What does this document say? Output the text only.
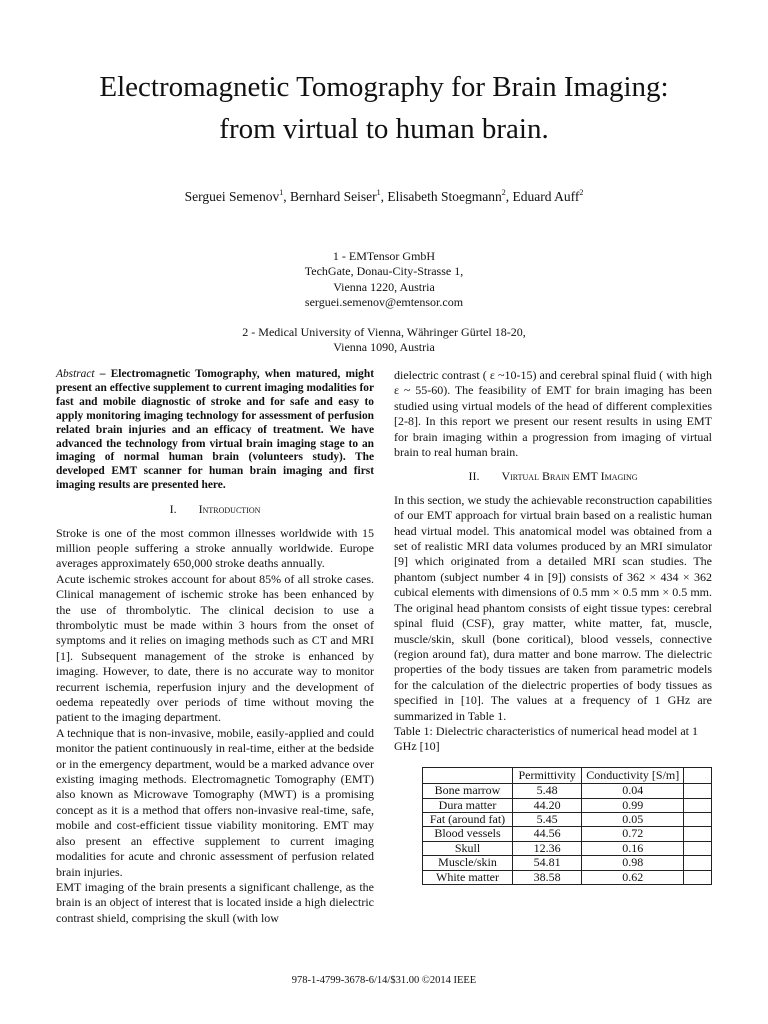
Electromagnetic Tomography for Brain Imaging:
from virtual to human brain.
Serguei Semenov$^1$, Bernhard Seiser$^1$, Elisabeth Stoegmann$^2$, Eduard Auff$^2$
1 - EMTensor GmbH
TechGate, Donau-City-Strasse 1,
Vienna 1220, Austria
serguei.semenov@emtensor.com
2 - Medical University of Vienna, Währinger Gürtel 18-20,
Vienna 1090, Austria

Abstract – Electromagnetic Tomography, when matured, might present an effective supplement to current imaging modalities for fast and mobile diagnostic of stroke and for safe and easy to apply monitoring imaging technology for assessment of perfusion related brain injuries and an efficacy of treatment. We have advanced the technology from virtual brain imaging stage to an imaging of normal human brain (volunteers study). The developed EMT scanner for human brain imaging and first imaging results are presented here.

I. Introduction

Stroke is one of the most common illnesses worldwide with 15 million people suffering a stroke annually worldwide. Europe averages approximately 650,000 stroke deaths annually.

Acute ischemic strokes account for about 85% of all stroke cases. Clinical management of ischemic stroke has been enhanced by the use of thrombolytic. The clinical decision to use a thrombolytic must be made within 3 hours from the onset of symptoms and it relies on imaging methods such as CT and MRI [1]. Subsequent management of the stroke is enhanced by imaging. However, to date, there is no accurate way to monitor recurrent ischemia, reperfusion injury and the development of oedema repeatedly over periods of time without moving the patient to the imaging department.

A technique that is non-invasive, mobile, easily-applied and could monitor the patient continuously in real-time, either at the bedside or in the emergency department, would be a marked advance over existing imaging methods. Electromagnetic Tomography (EMT) also known as Microwave Tomography (MWT) is a promising concept as it is a method that offers non-invasive real-time, safe, mobile and cost-efficient tissue viability monitoring. EMT may also present an effective supplement to current imaging modalities for acute and chronic assessment of perfusion related brain injuries.

EMT imaging of the brain presents a significant challenge, as the brain is an object of interest that is located inside a high dielectric contrast shield, comprising the skull (with low

dielectric contrast ( ε ~10-15) and cerebral spinal fluid ( with high ε ~ 55-60). The feasibility of EMT for brain imaging has been studied using virtual models of the head of different complexities [2-8]. In this report we present our resent results in using EMT for brain imaging within a progression from imaging of virtual brain to real human brain.

II. Virtual Brain EMT Imaging

In this section, we study the achievable reconstruction capabilities of our EMT approach for virtual brain based on a realistic human head virtual model. This anatomical model was obtained from a set of realistic MRI data volumes produced by an MRI simulator [9] which originated from a detailed MRI scan studies. The phantom (subject number 4 in [9]) consists of 362 × 434 × 362 cubical elements with dimensions of 0.5 mm × 0.5 mm × 0.5 mm. The original head phantom consists of eight tissue types: cerebral spinal fluid (CSF), gray matter, white matter, fat, muscle, muscle/skin, skull (bone coritical), blood vessels, connective (region around fat), dura matter and bone marrow. The dielectric properties of the body tissues are taken from parametric models for the calculation of the dielectric properties of body tissues as specified in [10]. The values at a frequency of 1 GHz are summarized in Table 1.

Table 1: Dielectric characteristics of numerical head model at 1 GHz [10]

	Permittivity	Conductivity [S/m]	
Bone marrow	5.48	0.04	
Dura matter	44.20	0.99	
Fat (around fat)	5.45	0.05	
Blood vessels	44.56	0.72	
Skull	12.36	0.16	
Muscle/skin	54.81	0.98	
White matter	38.58	0.62	
978-1-4799-3678-6/14/$31.00 ©2014 IEEE
